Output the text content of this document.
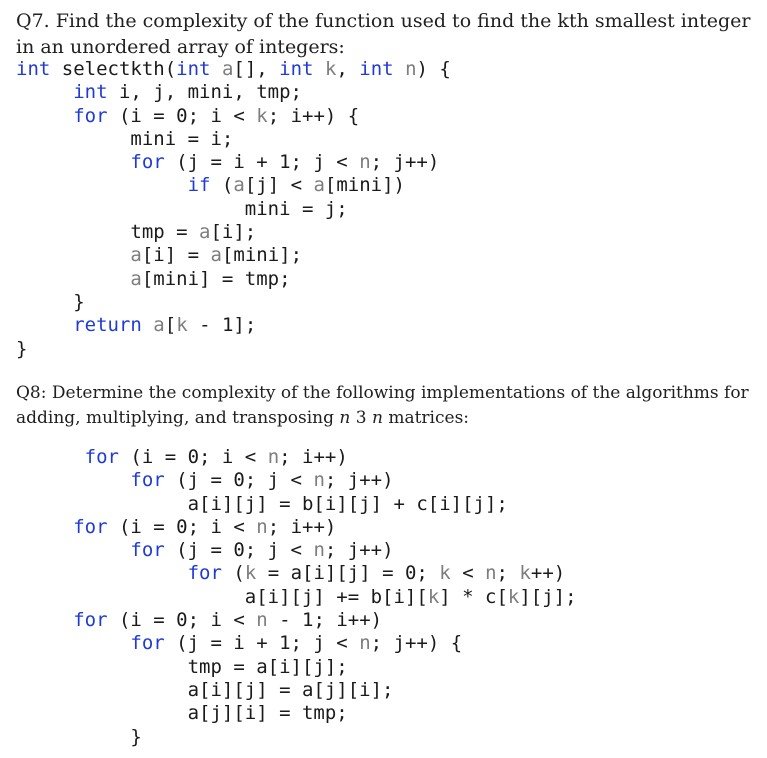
Q7. Find the complexity of the function used to find the kth smallest integer in an unordered array of integers:
int selectkth(int a[], int k, int n) {
int i, j, mini, tmp;
for (i = 0; i < k; i++) {
mini = i;
for (j = i + 1; j < n; j++)
if (a[j] < a[mini])
mini = j;
tmp = a[i];
a[i] = a[mini];
a[mini] = tmp;
}
return a[k - 1];
}
Q8: Determine the complexity of the following implementations of the algorithms for adding, multiplying, and transposing n 3 n matrices:
for (i = 0; i < n; i++)
for (j = 0; j < n; j++)
a[i][j] = b[i][j] + c[i][j];
for (i = 0; i < n; i++)
for (j = 0; j < n; j++)
for (k = a[i][j] = 0; k < n; k++)
a[i][j] += b[i][k] * c[k][j];
for (i = 0; i < n - 1; i++)
for (j = i + 1; j < n; j++) {
tmp = a[i][j];
a[i][j] = a[j][i];
a[j][i] = tmp;
}
